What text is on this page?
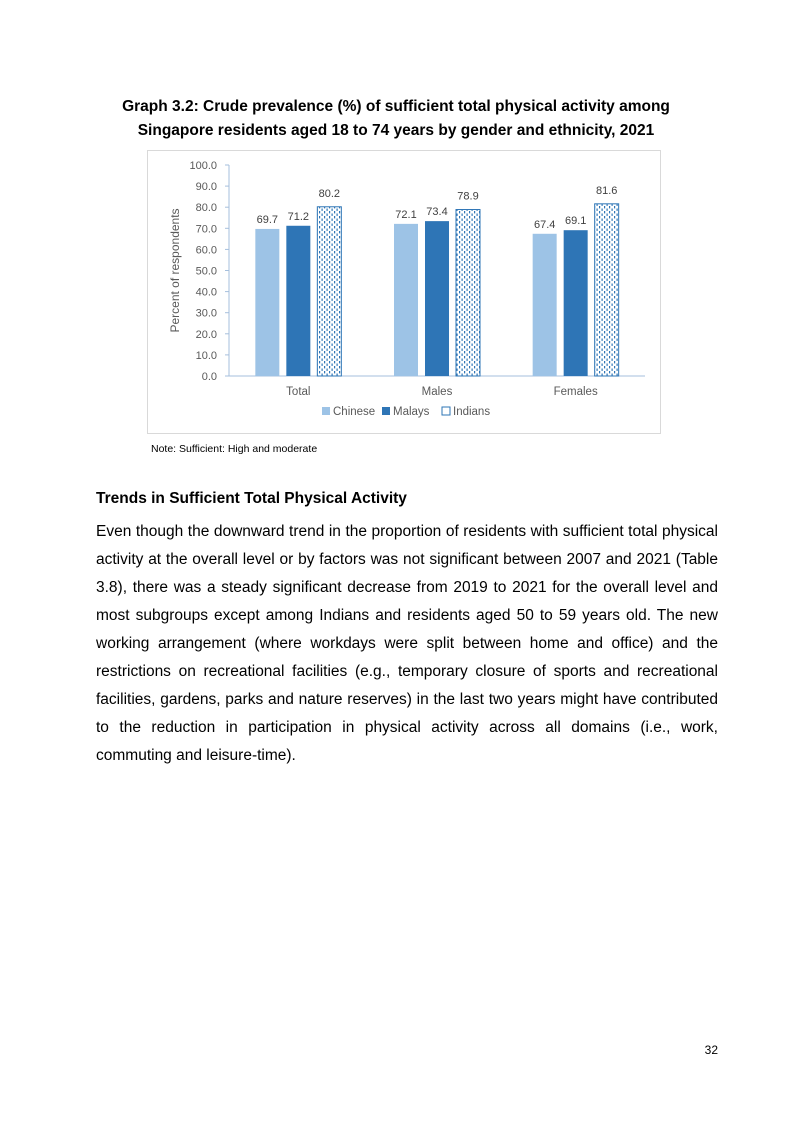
Graph 3.2: Crude prevalence (%) of sufficient total physical activity among Singapore residents aged 18 to 74 years by gender and ethnicity, 2021
0.0
10.0
20.0
30.0
40.0
50.0
60.0
70.0
80.0
90.0
100.0
Percent of respondents	69.7 71.2
80.2
Total
72.1 73.4
78.9
Males
67.4 69.1
81.6
Females
Chinese Malays Indians
Note: Sufficient: High and moderate
Trends in Sufficient Total Physical Activity
Even though the downward trend in the proportion of residents with sufficient total physical activity at the overall level or by factors was not significant between 2007 and 2021 (Table 3.8), there was a steady significant decrease from 2019 to 2021 for the overall level and most subgroups except among Indians and residents aged 50 to 59 years old. The new working arrangement (where workdays were split between home and office) and the restrictions on recreational facilities (e.g., temporary closure of sports and recreational facilities, gardens, parks and nature reserves) in the last two years might have contributed to the reduction in participation in physical activity across all domains (i.e., work, commuting and leisure-time).
32
